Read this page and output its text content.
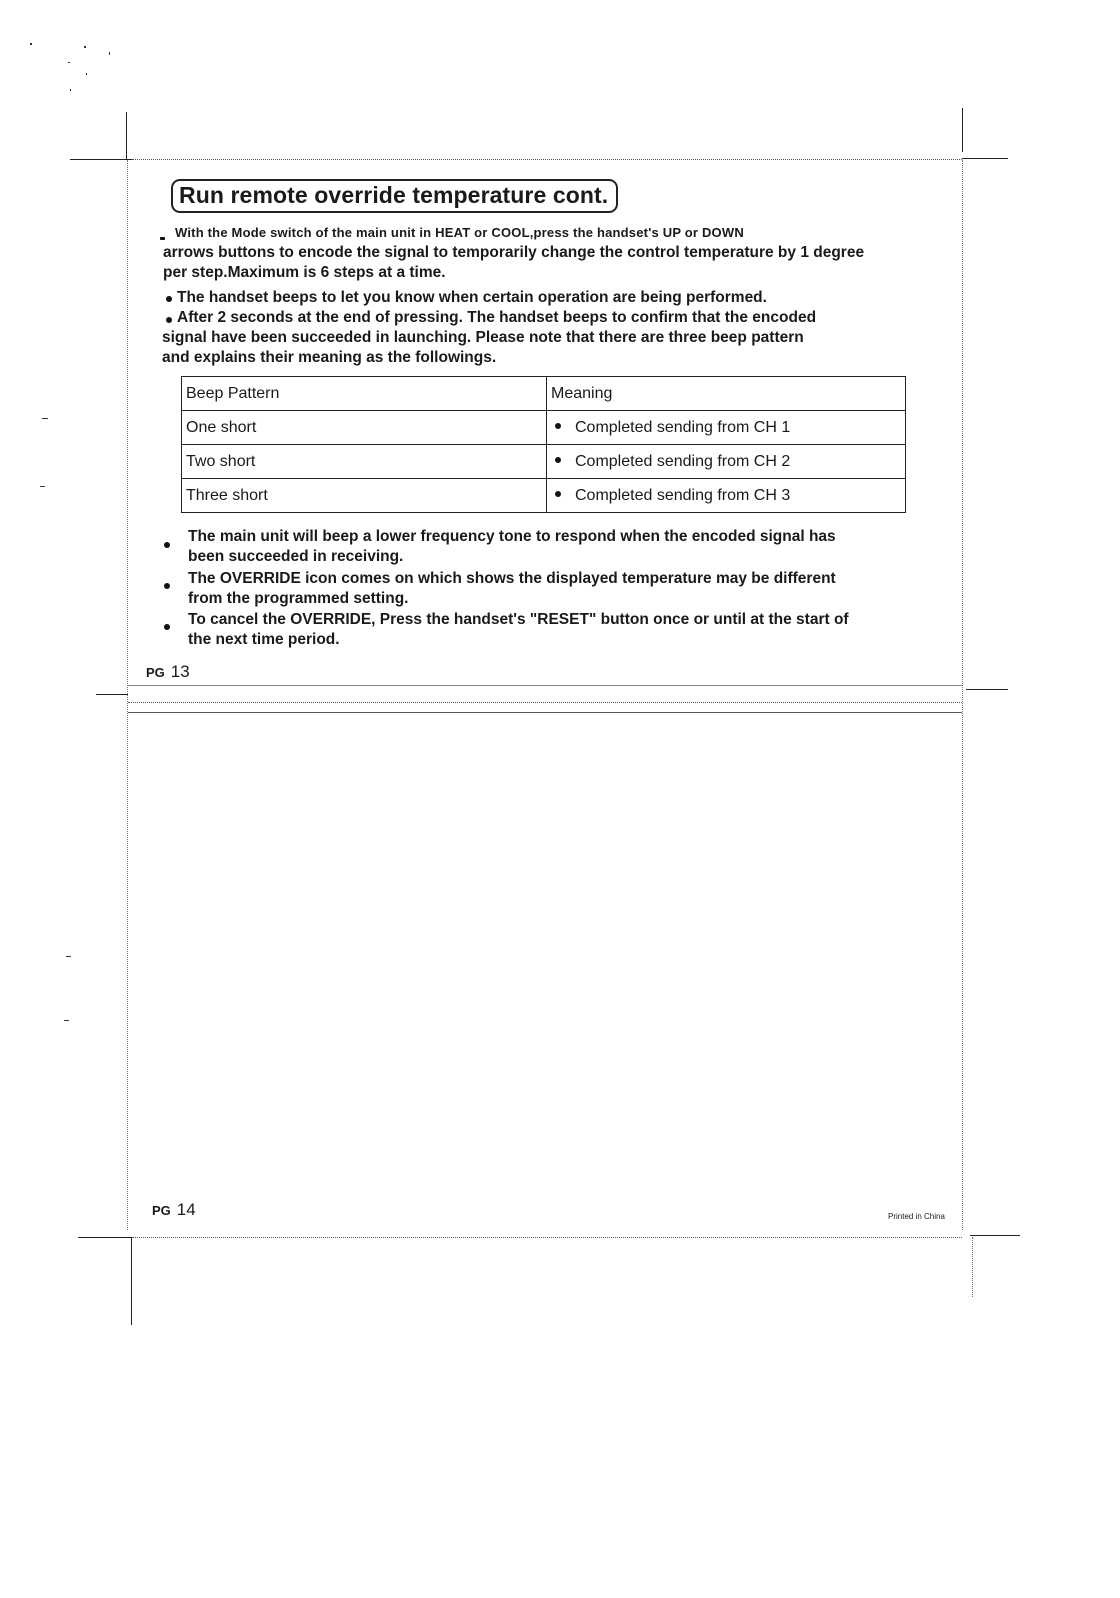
Run remote override temperature cont.
With the Mode switch of the main unit in HEAT or COOL,press the handset's UP or DOWN
arrows buttons to encode the signal to temporarily change the control temperature by 1 degree
per step.Maximum is 6 steps at a time.
The handset beeps to let you know when certain operation are being performed.
After 2 seconds at the end of pressing. The handset beeps to confirm that the encoded
signal have been succeeded in launching. Please note that there are three beep pattern
and explains their meaning as the followings.
Beep Pattern	Meaning
One short	Completed sending from CH 1
Two short	Completed sending from CH 2
Three short	Completed sending from CH 3
The main unit will beep a lower frequency tone to respond when the encoded signal has
been succeeded in receiving.
The OVERRIDE icon comes on which shows the displayed temperature may be different
from the programmed setting.
To cancel the OVERRIDE, Press the handset's "RESET" button once or until at the start of
the next time period.
PG 13
PG 14	Printed in China
